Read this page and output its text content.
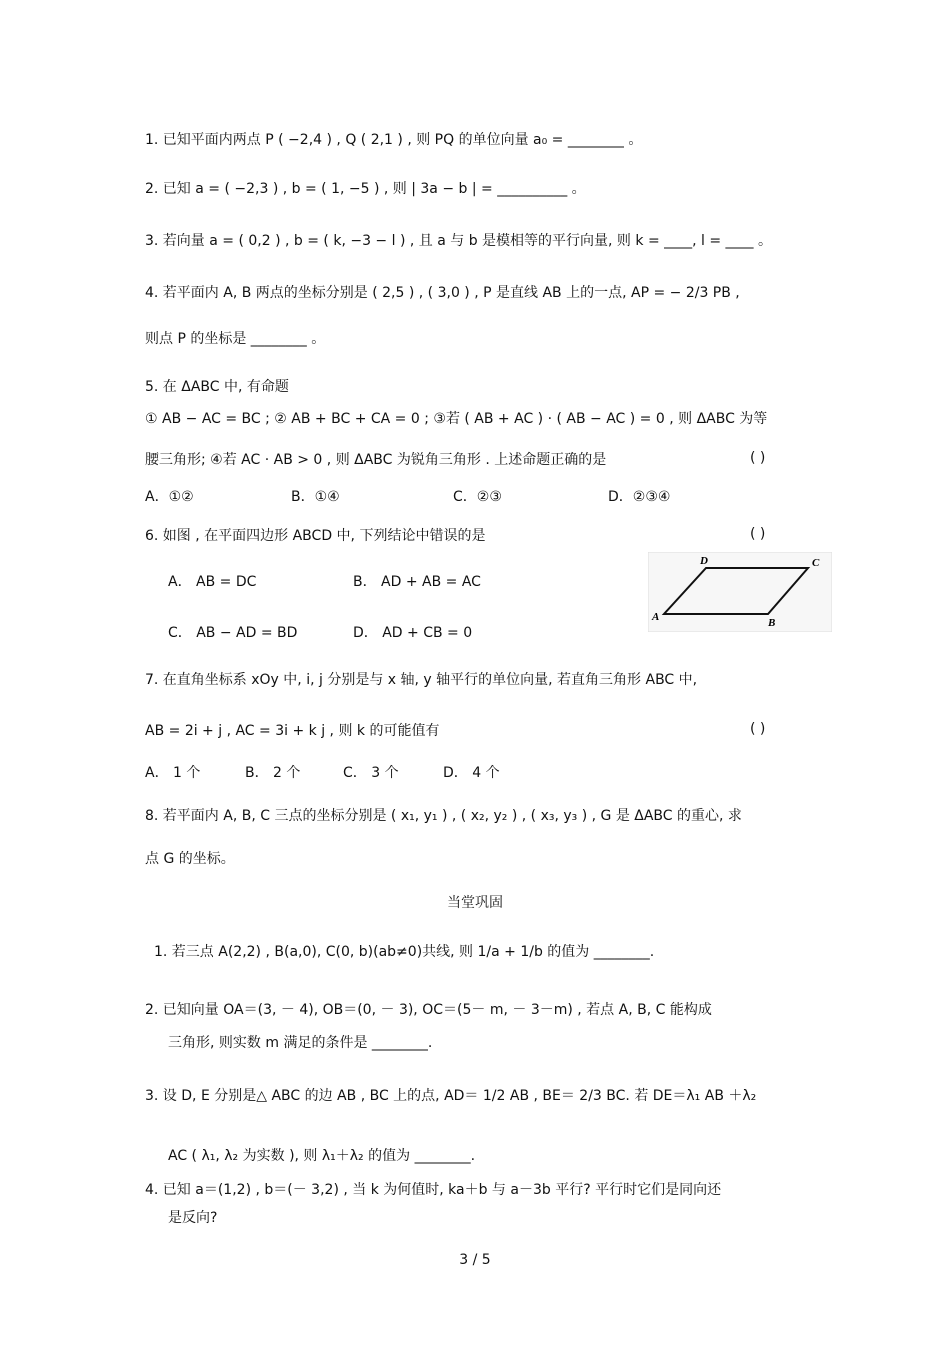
1. 已知平面内两点 P ( −2,4 ) , Q ( 2,1 ) , 则 PQ 的单位向量 a₀ = ________ 。
2. 已知 a = ( −2,3 ) , b = ( 1, −5 ) , 则 | 3a − b | = __________ 。
3. 若向量 a = ( 0,2 ) , b = ( k, −3 − l ) , 且 a 与 b 是模相等的平行向量, 则 k = ____, l = ____ 。
4. 若平面内 A, B 两点的坐标分别是 ( 2,5 ) , ( 3,0 ) , P 是直线 AB 上的一点, AP = − 2/3 PB ,
则点 P 的坐标是 ________ 。
5. 在 ΔABC 中, 有命题
① AB − AC = BC ; ② AB + BC + CA = 0 ; ③若 ( AB + AC ) · ( AB − AC ) = 0 , 则 ΔABC 为等
腰三角形; ④若 AC · AB > 0 , 则 ΔABC 为锐角三角形 . 上述命题正确的是	( )
A．①②	B．①④	C．②③	D．②③④
6. 如图 , 在平面四边形 ABCD 中, 下列结论中错误的是	( )
A． AB = DC	B． AD + AB = AC
C． AB − AD = BD	D． AD + CB = 0
A	B
C
D
7. 在直角坐标系 xOy 中, i, j 分别是与 x 轴, y 轴平行的单位向量, 若直角三角形 ABC 中,
AB = 2i + j , AC = 3i + k j , 则 k 的可能值有	( )
A． 1 个	B． 2 个	C． 3 个	D． 4 个
8. 若平面内 A, B, C 三点的坐标分别是 ( x₁, y₁ ) , ( x₂, y₂ ) , ( x₃, y₃ ) , G 是 ΔABC 的重心, 求
点 G 的坐标。
当堂巩固
1. 若三点 A(2,2) , B(a,0), C(0, b)(ab≠0)共线, 则 1/a + 1/b 的值为 ________.
2. 已知向量 OA＝(3, － 4), OB＝(0, － 3), OC＝(5－ m, － 3－m) , 若点 A, B, C 能构成
三角形, 则实数 m 满足的条件是 ________.
3. 设 D, E 分别是△ ABC 的边 AB , BC 上的点, AD＝ 1/2 AB , BE＝ 2/3 BC. 若 DE＝λ₁ AB ＋λ₂
AC ( λ₁, λ₂ 为实数 ), 则 λ₁＋λ₂ 的值为 ________.
4. 已知 a＝(1,2) , b＝(－ 3,2) , 当 k 为何值时, ka＋b 与 a－3b 平行? 平行时它们是同向还
是反向?
3 / 5
